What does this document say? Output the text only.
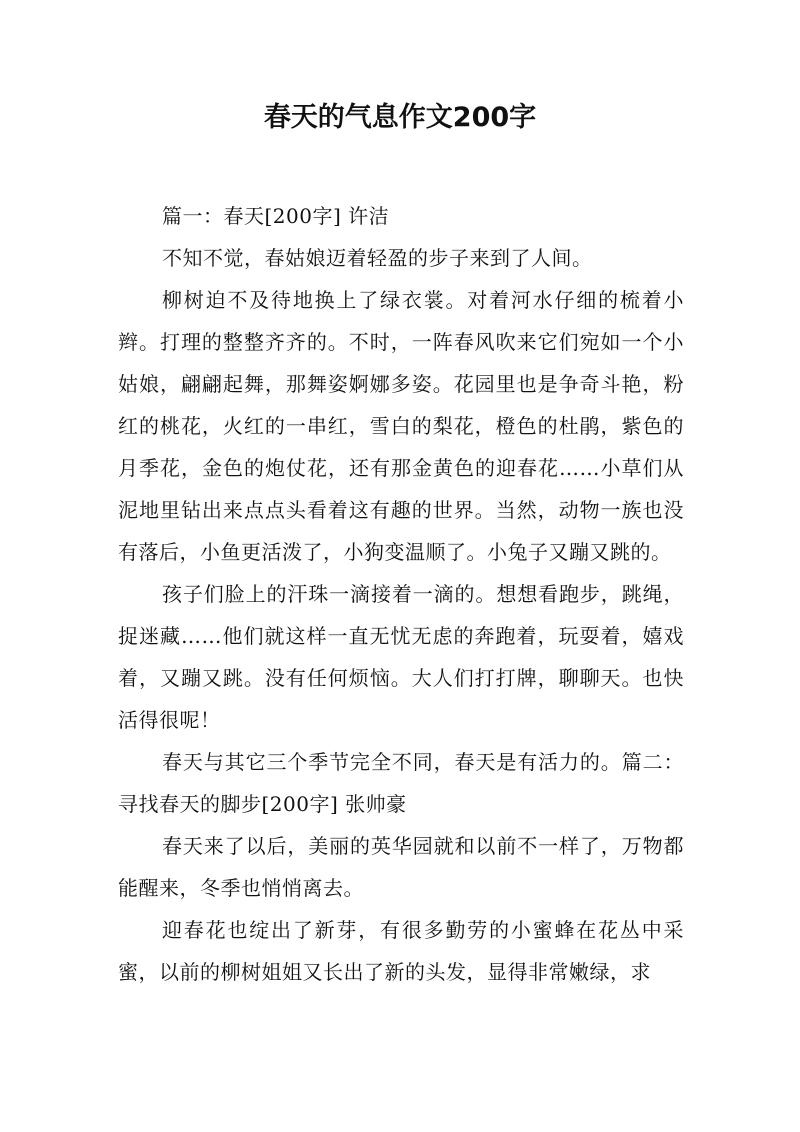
春天的气息作文200字

篇一：春天[200字] 许洁

不知不觉，春姑娘迈着轻盈的步子来到了人间。

柳树迫不及待地换上了绿衣裳。对着河水仔细的梳着小辫。打理的整整齐齐的。不时，一阵春风吹来它们宛如一个小姑娘，翩翩起舞，那舞姿婀娜多姿。花园里也是争奇斗艳，粉红的桃花，火红的一串红，雪白的梨花，橙色的杜鹃，紫色的月季花，金色的炮仗花，还有那金黄色的迎春花……小草们从泥地里钻出来点点头看着这有趣的世界。当然，动物一族也没有落后，小鱼更活泼了，小狗变温顺了。小兔子又蹦又跳的。

孩子们脸上的汗珠一滴接着一滴的。想想看跑步，跳绳，捉迷藏……他们就这样一直无忧无虑的奔跑着，玩耍着，嬉戏着，又蹦又跳。没有任何烦恼。大人们打打牌，聊聊天。也快活得很呢！

春天与其它三个季节完全不同，春天是有活力的。篇二：寻找春天的脚步[200字] 张帅豪

春天来了以后，美丽的英华园就和以前不一样了，万物都能醒来，冬季也悄悄离去。

迎春花也绽出了新芽，有很多勤劳的小蜜蜂在花丛中采蜜，以前的柳树姐姐又长出了新的头发，显得非常嫩绿，求
